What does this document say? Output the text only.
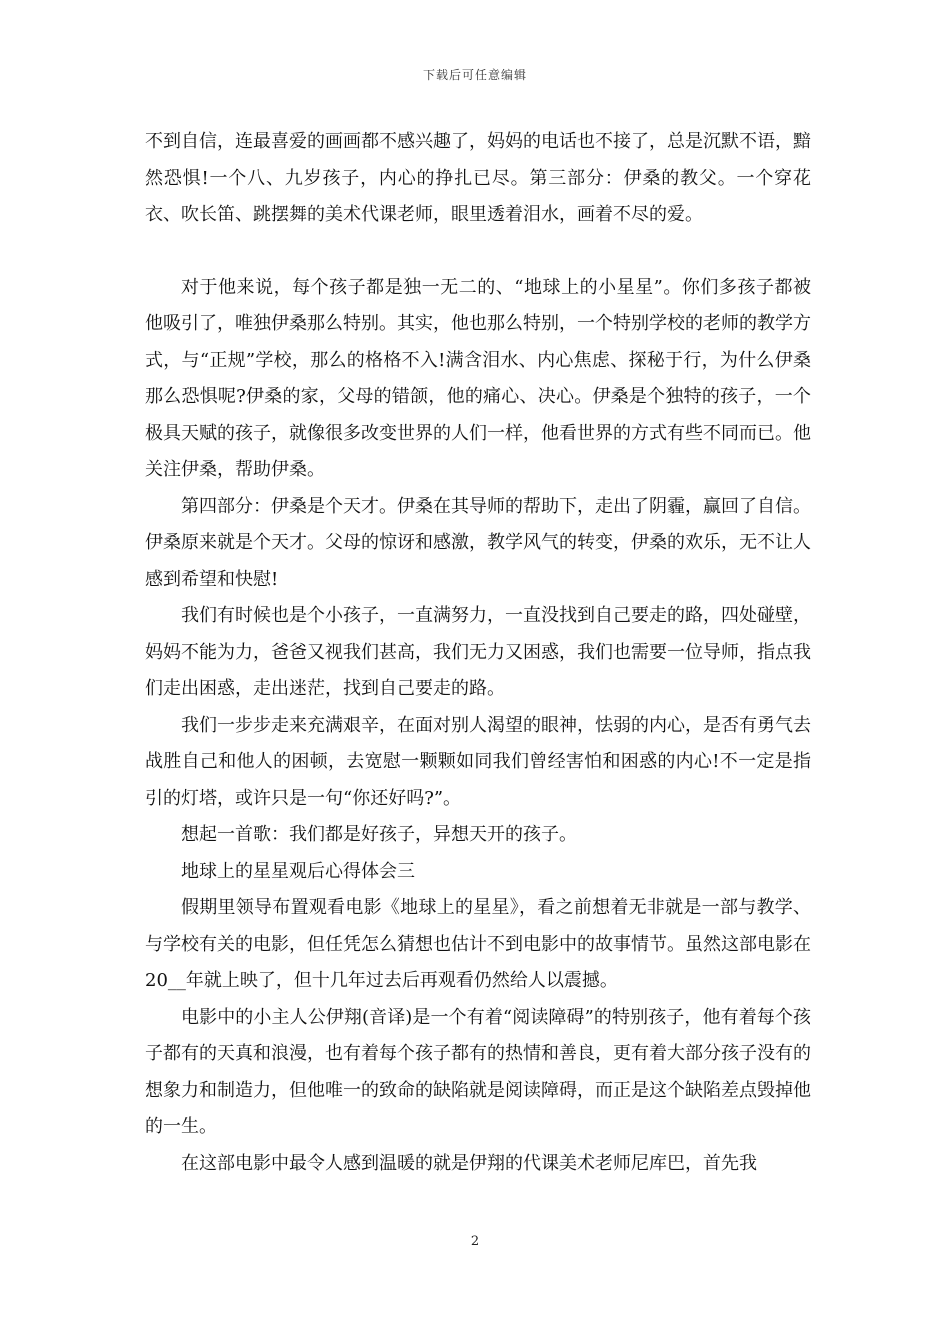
下载后可任意编辑

不到自信，连最喜爱的画画都不感兴趣了，妈妈的电话也不接了，总是沉默不语，黯然恐惧!一个八、九岁孩子，内心的挣扎已尽。第三部分：伊桑的教父。一个穿花衣、吹长笛、跳摆舞的美术代课老师，眼里透着泪水，画着不尽的爱。

对于他来说，每个孩子都是独一无二的、“地球上的小星星”。你们多孩子都被他吸引了，唯独伊桑那么特别。其实，他也那么特别，一个特别学校的老师的教学方式，与“正规”学校，那么的格格不入!满含泪水、内心焦虑、探秘于行，为什么伊桑那么恐惧呢?伊桑的家，父母的错颌，他的痛心、决心。伊桑是个独特的孩子，一个极具天赋的孩子，就像很多改变世界的人们一样，他看世界的方式有些不同而已。他关注伊桑，帮助伊桑。

第四部分：伊桑是个天才。伊桑在其导师的帮助下，走出了阴霾，赢回了自信。伊桑原来就是个天才。父母的惊讶和感激，教学风气的转变，伊桑的欢乐，无不让人感到希望和快慰!

我们有时候也是个小孩子，一直满努力，一直没找到自己要走的路，四处碰壁，妈妈不能为力，爸爸又视我们甚高，我们无力又困惑，我们也需要一位导师，指点我们走出困惑，走出迷茫，找到自己要走的路。

我们一步步走来充满艰辛，在面对别人渴望的眼神，怯弱的内心，是否有勇气去战胜自己和他人的困顿，去宽慰一颗颗如同我们曾经害怕和困惑的内心!不一定是指引的灯塔，或许只是一句“你还好吗?”。

想起一首歌：我们都是好孩子，异想天开的孩子。

地球上的星星观后心得体会三

假期里领导布置观看电影《地球上的星星》，看之前想着无非就是一部与教学、与学校有关的电影，但任凭怎么猜想也估计不到电影中的故事情节。虽然这部电影在20__年就上映了，但十几年过去后再观看仍然给人以震撼。

电影中的小主人公伊翔(音译)是一个有着“阅读障碍”的特别孩子，他有着每个孩子都有的天真和浪漫，也有着每个孩子都有的热情和善良，更有着大部分孩子没有的想象力和制造力，但他唯一的致命的缺陷就是阅读障碍，而正是这个缺陷差点毁掉他的一生。

在这部电影中最令人感到温暖的就是伊翔的代课美术老师尼库巴，首先我

2
